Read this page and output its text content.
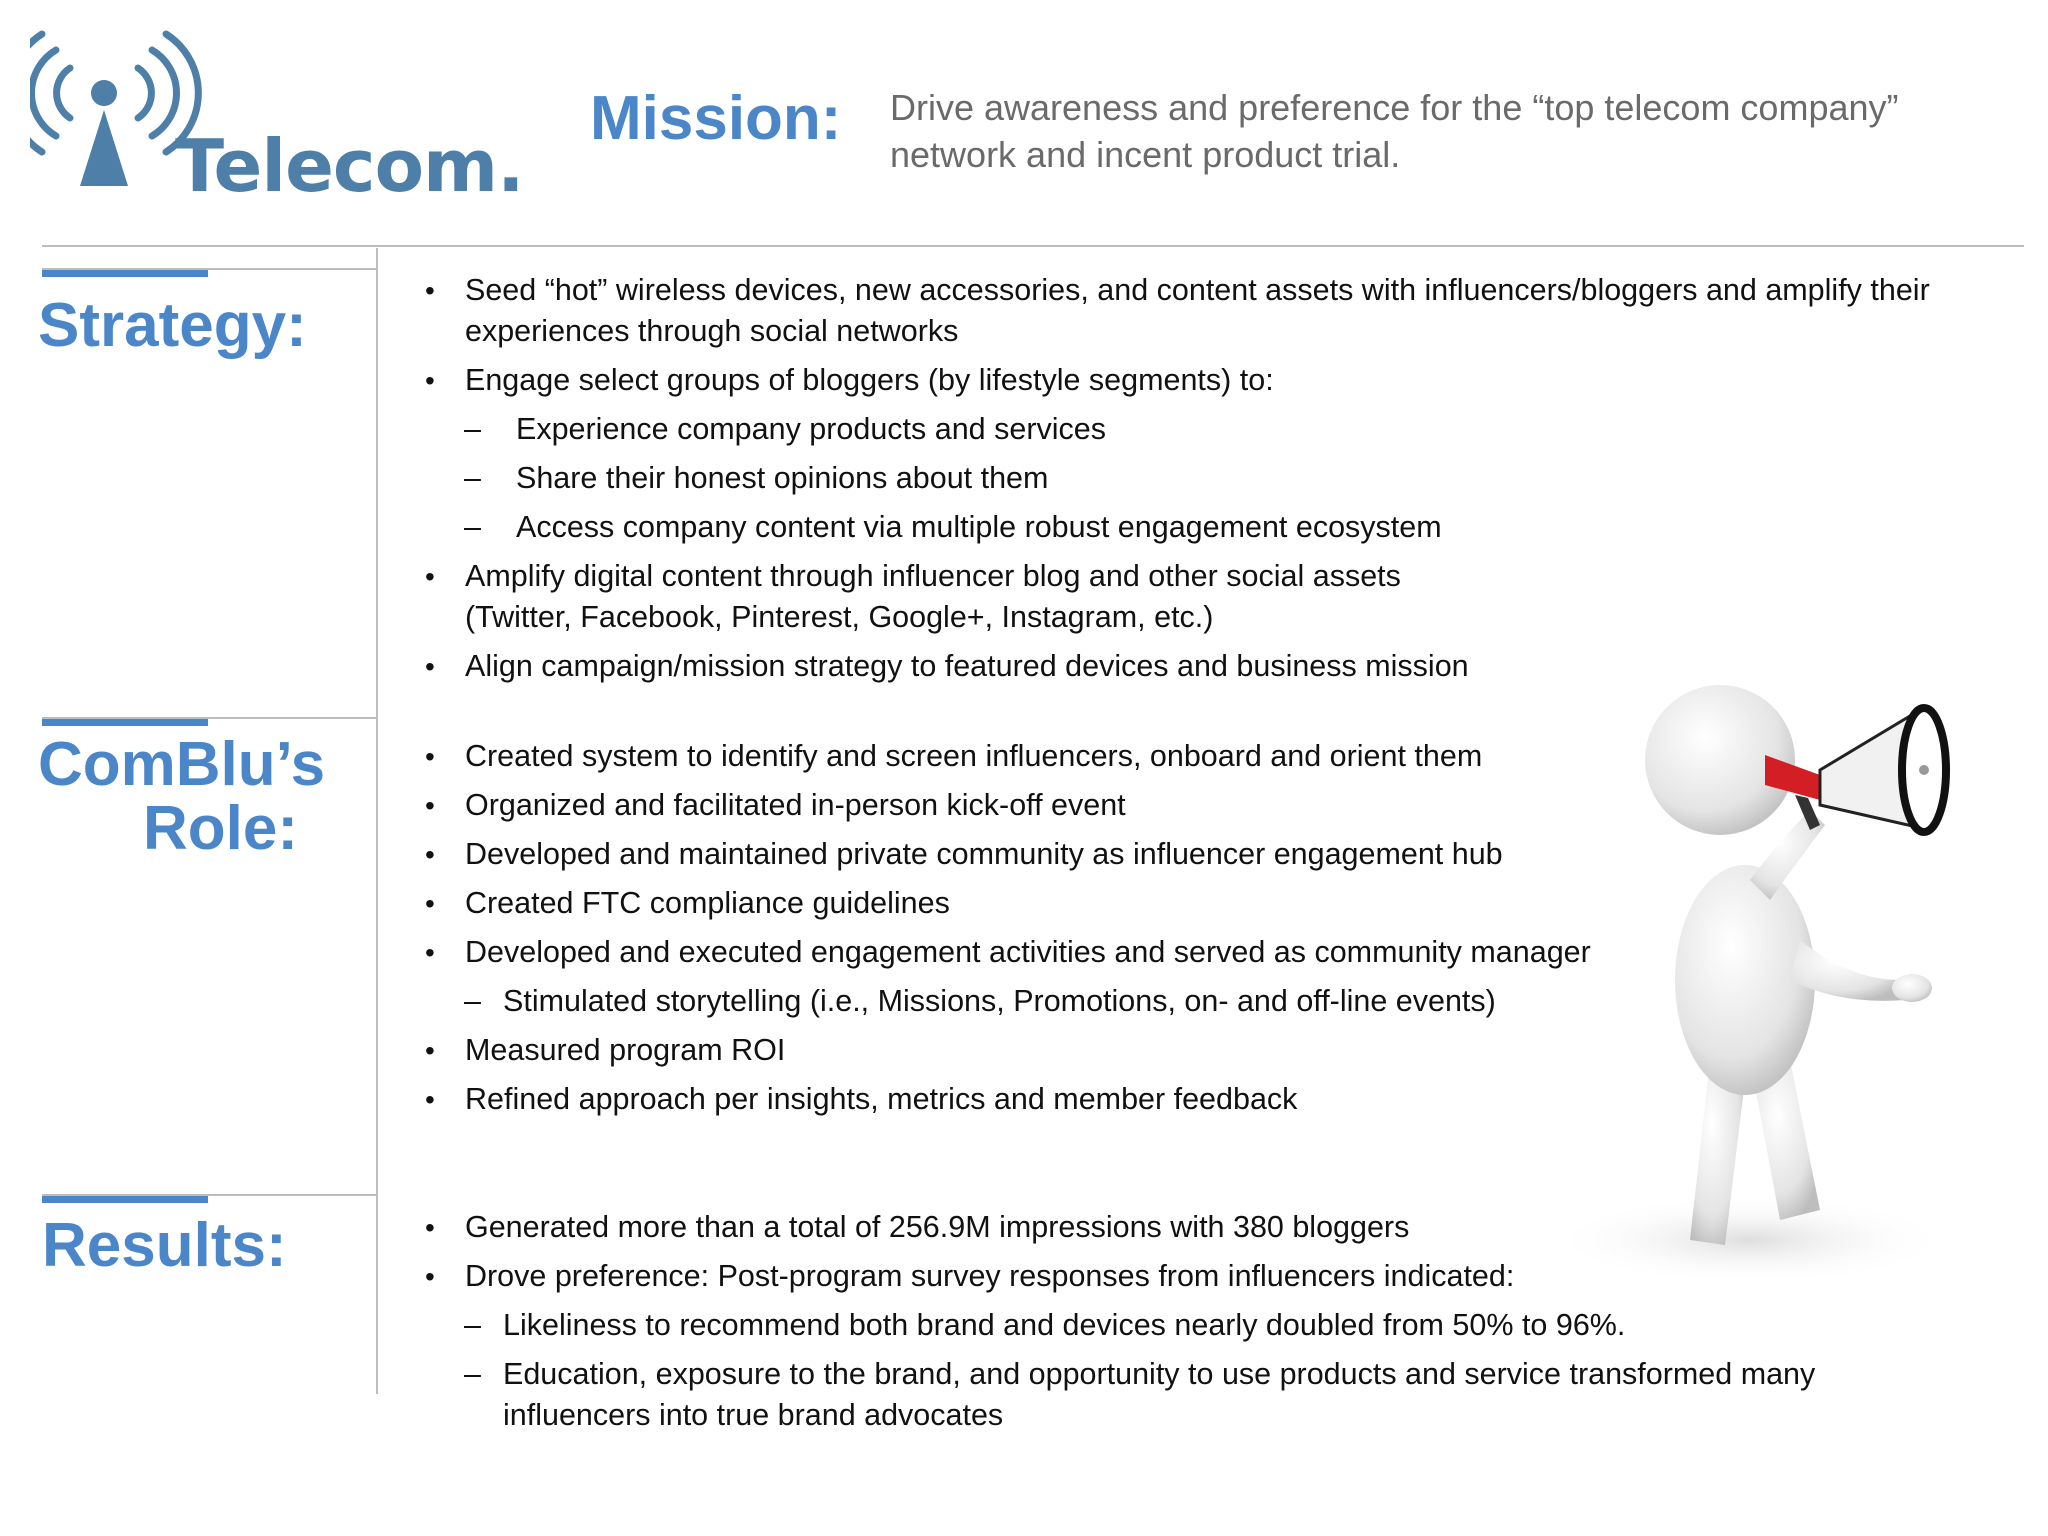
Telecom.
Mission: Drive awareness and preference for the “top telecom company” network and incent product trial.
Strategy:
ComBlu’s
Role:
Results:
• Seed “hot” wireless devices, new accessories, and content assets with influencers/bloggers and amplify their experiences through social networks
• Engage select groups of bloggers (by lifestyle segments) to:
– Experience company products and services
– Share their honest opinions about them
– Access company content via multiple robust engagement ecosystem
• Amplify digital content through influencer blog and other social assets (Twitter, Facebook, Pinterest, Google+, Instagram, etc.)
• Align campaign/mission strategy to featured devices and business mission
• Created system to identify and screen influencers, onboard and orient them
• Organized and facilitated in-person kick-off event
• Developed and maintained private community as influencer engagement hub
• Created FTC compliance guidelines
• Developed and executed engagement activities and served as community manager
– Stimulated storytelling (i.e., Missions, Promotions, on- and off-line events)
• Measured program ROI
• Refined approach per insights, metrics and member feedback
• Generated more than a total of 256.9M impressions with 380 bloggers
• Drove preference: Post-program survey responses from influencers indicated:
– Likeliness to recommend both brand and devices nearly doubled from 50% to 96%.
– Education, exposure to the brand, and opportunity to use products and service transformed many influencers into true brand advocates
